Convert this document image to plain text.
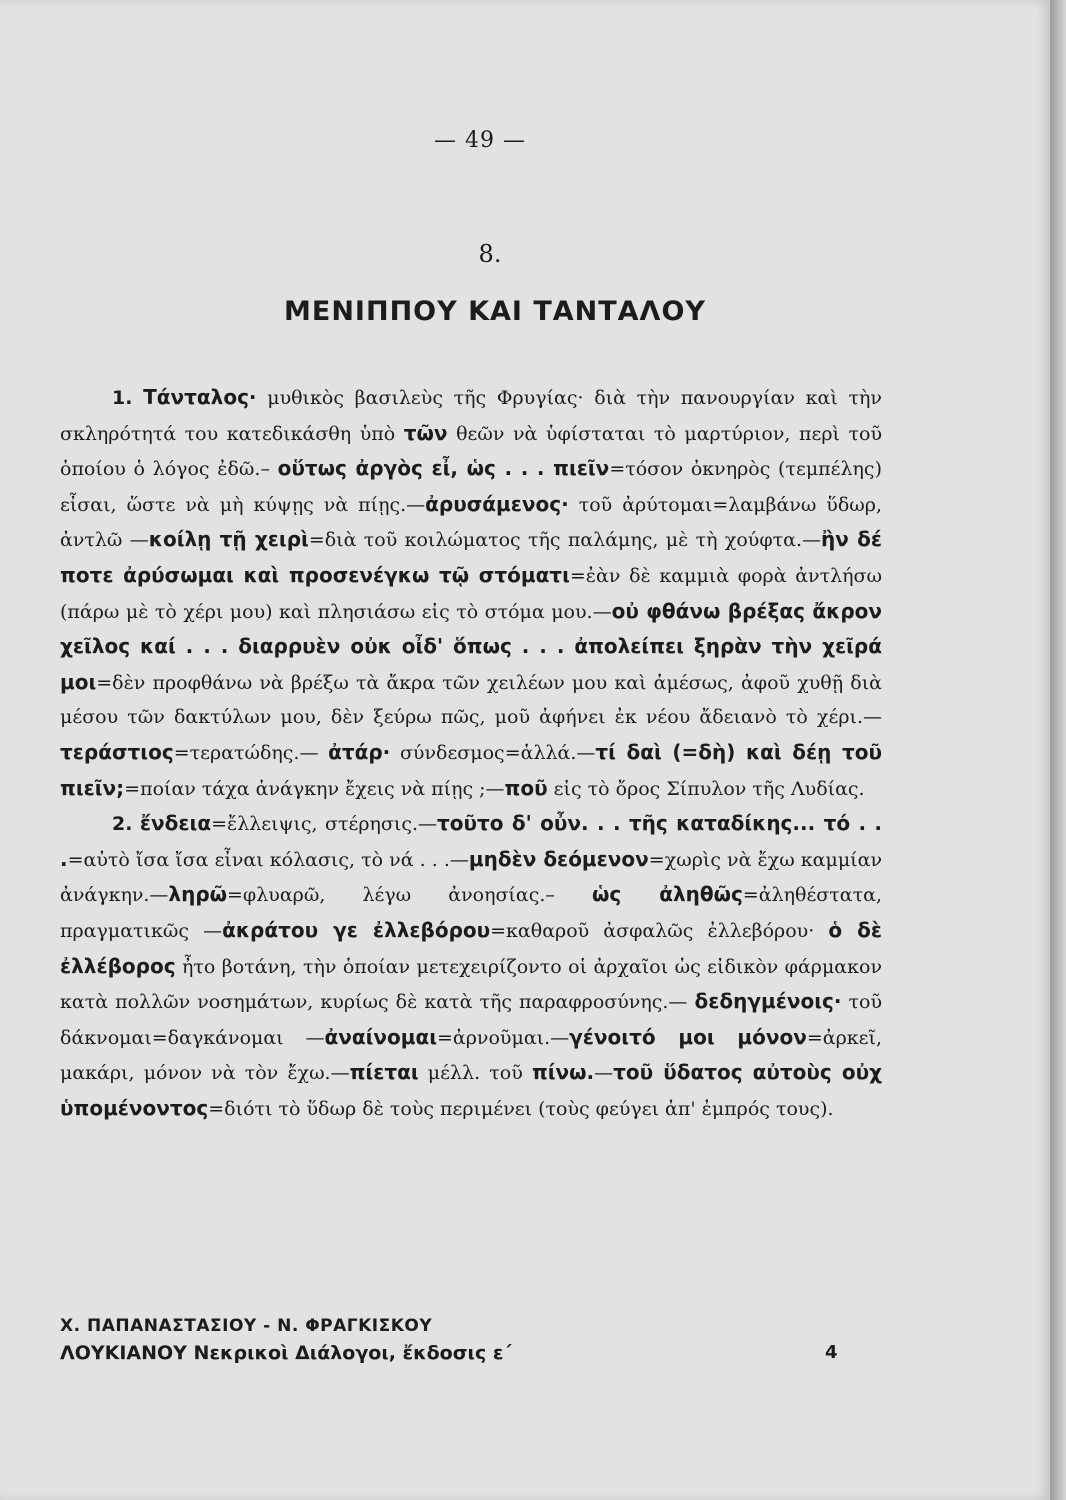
— 49 —
8.
ΜΕΝΙΠΠΟΥ ΚΑΙ ΤΑΝΤΑΛΟΥ

1. Τάνταλος· μυθικὸς βασιλεὺς τῆς Φρυγίας· διὰ τὴν πανουργίαν καὶ τὴν σκληρότητά του κατεδικάσθη ὑπὸ τῶν θεῶν νὰ ὑφίσταται τὸ μαρτύριον, περὶ τοῦ ὁποίου ὁ λόγος ἐδῶ.– οὕτως ἀργὸς εἶ, ὡς . . . πιεῖν=τόσον ὀκνηρὸς (τεμπέλης) εἶσαι, ὥστε νὰ μὴ κύψῃς νὰ πίῃς.—ἀρυσάμενος· τοῦ ἀρύτομαι=λαμβάνω ὕδωρ, ἀντλῶ —κοίλῃ τῇ χειρὶ=διὰ τοῦ κοιλώματος τῆς παλάμης, μὲ τὴ χούφτα.—ἢν δέ ποτε ἀρύσωμαι καὶ προσενέγκω τῷ στόματι=ἐὰν δὲ καμμιὰ φορὰ ἀντλήσω (πάρω μὲ τὸ χέρι μου) καὶ πλησιάσω εἰς τὸ στόμα μου.—οὐ φθάνω βρέξας ἄκρον χεῖλος καί . . . διαρρυὲν οὐκ οἶδ' ὅπως . . . ἀπολείπει ξηρὰν τὴν χεῖρά μοι=δὲν προφθάνω νὰ βρέξω τὰ ἄκρα τῶν χειλέων μου καὶ ἀμέσως, ἀφοῦ χυθῇ διὰ μέσου τῶν δακτύλων μου, δὲν ξεύρω πῶς, μοῦ ἀφήνει ἐκ νέου ἄδειανὸ τὸ χέρι.—τεράστιος=τερατώδης.— ἀτάρ· σύνδεσμος=ἀλλά.—τί δαὶ (=δὴ) καὶ δέῃ τοῦ πιεῖν;=ποίαν τάχα ἀνάγκην ἔχεις νὰ πίῃς ;—ποῦ εἰς τὸ ὄρος Σίπυλον τῆς Λυδίας.

2. ἔνδεια=ἔλλειψις, στέρησις.—τοῦτο δ' οὖν. . . τῆς καταδίκης... τό . . .=αὐτὸ ἴσα ἴσα εἶναι κόλασις, τὸ νά . . .—μηδὲν δεόμενον=χωρὶς νὰ ἔχω καμμίαν ἀνάγκην.—ληρῶ=φλυαρῶ, λέγω ἀνοησίας.– ὡς ἀληθῶς=ἀληθέστατα, πραγματικῶς —ἀκράτου γε ἐλλεβόρου=καθαροῦ ἀσφαλῶς ἐλλεβόρου· ὁ δὲ ἐλλέβορος ἦτο βοτάνη, τὴν ὁποίαν μετεχειρίζοντο οἱ ἀρχαῖοι ὡς εἰδικὸν φάρμακον κατὰ πολλῶν νοσημάτων, κυρίως δὲ κατὰ τῆς παραφροσύνης.— δεδηγμένοις· τοῦ δάκνομαι=δαγκάνομαι —ἀναίνομαι=ἀρνοῦμαι.—γένοιτό μοι μόνον=ἀρκεῖ, μακάρι, μόνον νὰ τὸν ἔχω.—πίεται μέλλ. τοῦ πίνω.—τοῦ ὕδατος αὐτοὺς οὐχ ὑπομένοντος=διότι τὸ ὕδωρ δὲ τοὺς περιμένει (τοὺς φεύγει ἀπ' ἐμπρός τους).

Χ. ΠΑΠΑΝΑΣΤΑΣΙΟΥ - Ν. ΦΡΑΓΚΙΣΚΟΥ
ΛΟΥΚΙΑΝΟΥ Νεκρικοὶ Διάλογοι, ἔκδοσις ε΄	4
